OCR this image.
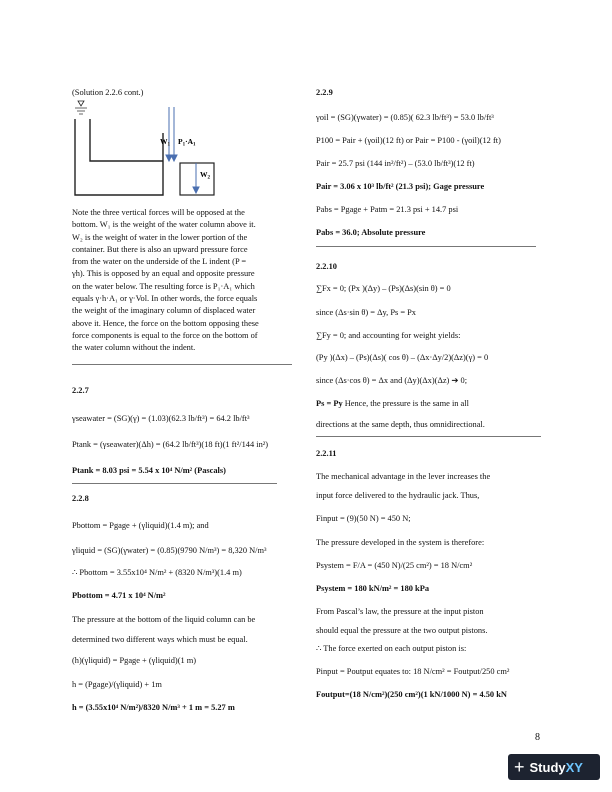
(Solution 2.2.6 cont.)
$W_1$ $P_1\cdot A_1$
$W_2$
Note the three vertical forces will be opposed at the
bottom. W₁ is the weight of the water column above it.
W₂ is the weight of water in the lower portion of the
container. But there is also an upward pressure force
from the water on the underside of the L indent (P =
γh). This is opposed by an equal and opposite pressure
on the water below. The resulting force is P₁·A₁ which
equals γ·h·A₁ or γ·Vol. In other words, the force equals
the weight of the imaginary column of displaced water
above it. Hence, the force on the bottom opposing these
force components is equal to the force on the bottom of
the water column without the indent.
2.2.7
γseawater = (SG)(γ) = (1.03)(62.3 lb/ft³) = 64.2 lb/ft³
Ptank = (γseawater)(Δh) = (64.2 lb/ft³)(18 ft)(1 ft²/144 in²)
Ptank = 8.03 psi = 5.54 x 10⁴ N/m² (Pascals)
2.2.8
Pbottom = Pgage + (γliquid)(1.4 m); and
γliquid = (SG)(γwater) = (0.85)(9790 N/m³) = 8,320 N/m³
∴ Pbottom = 3.55x10⁴ N/m² + (8320 N/m³)(1.4 m)
Pbottom = 4.71 x 10⁴ N/m²
The pressure at the bottom of the liquid column can be
determined two different ways which must be equal.
(h)(γliquid) = Pgage + (γliquid)(1 m)
h = (Pgage)/(γliquid) + 1m
h = (3.55x10⁴ N/m²)/8320 N/m³ + 1 m = 5.27 m
2.2.9
γoil = (SG)(γwater) = (0.85)( 62.3 lb/ft³) = 53.0 lb/ft³
P100 = Pair + (γoil)(12 ft) or Pair = P100 - (γoil)(12 ft)
Pair = 25.7 psi (144 in²/ft²) – (53.0 lb/ft³)(12 ft)
Pair = 3.06 x 10³ lb/ft² (21.3 psi); Gage pressure
Pabs = Pgage + Patm = 21.3 psi + 14.7 psi
Pabs = 36.0; Absolute pressure
2.2.10
∑Fx = 0; (Px )(Δy) – (Ps)(Δs)(sin θ) = 0
since (Δs·sin θ) = Δy, Ps = Px
∑Fy = 0; and accounting for weight yields:
(Py )(Δx) – (Ps)(Δs)( cos θ) – (Δx·Δy/2)(Δz)(γ) = 0
since (Δs·cos θ) = Δx and (Δy)(Δx)(Δz) ➔ 0;
Ps = Py Hence, the pressure is the same in all
directions at the same depth, thus omnidirectional.
2.2.11
The mechanical advantage in the lever increases the
input force delivered to the hydraulic jack. Thus,
Finput = (9)(50 N) = 450 N;
The pressure developed in the system is therefore:
Psystem = F/A = (450 N)/(25 cm²) = 18 N/cm²
Psystem = 180 kN/m² = 180 kPa
From Pascal’s law, the pressure at the input piston
should equal the pressure at the two output pistons.
∴ The force exerted on each output piston is:
Pinput = Poutput equates to: 18 N/cm² = Foutput/250 cm²
Foutput=(18 N/cm²)(250 cm²)(1 kN/1000 N) = 4.50 kN
8
+ Study XY
